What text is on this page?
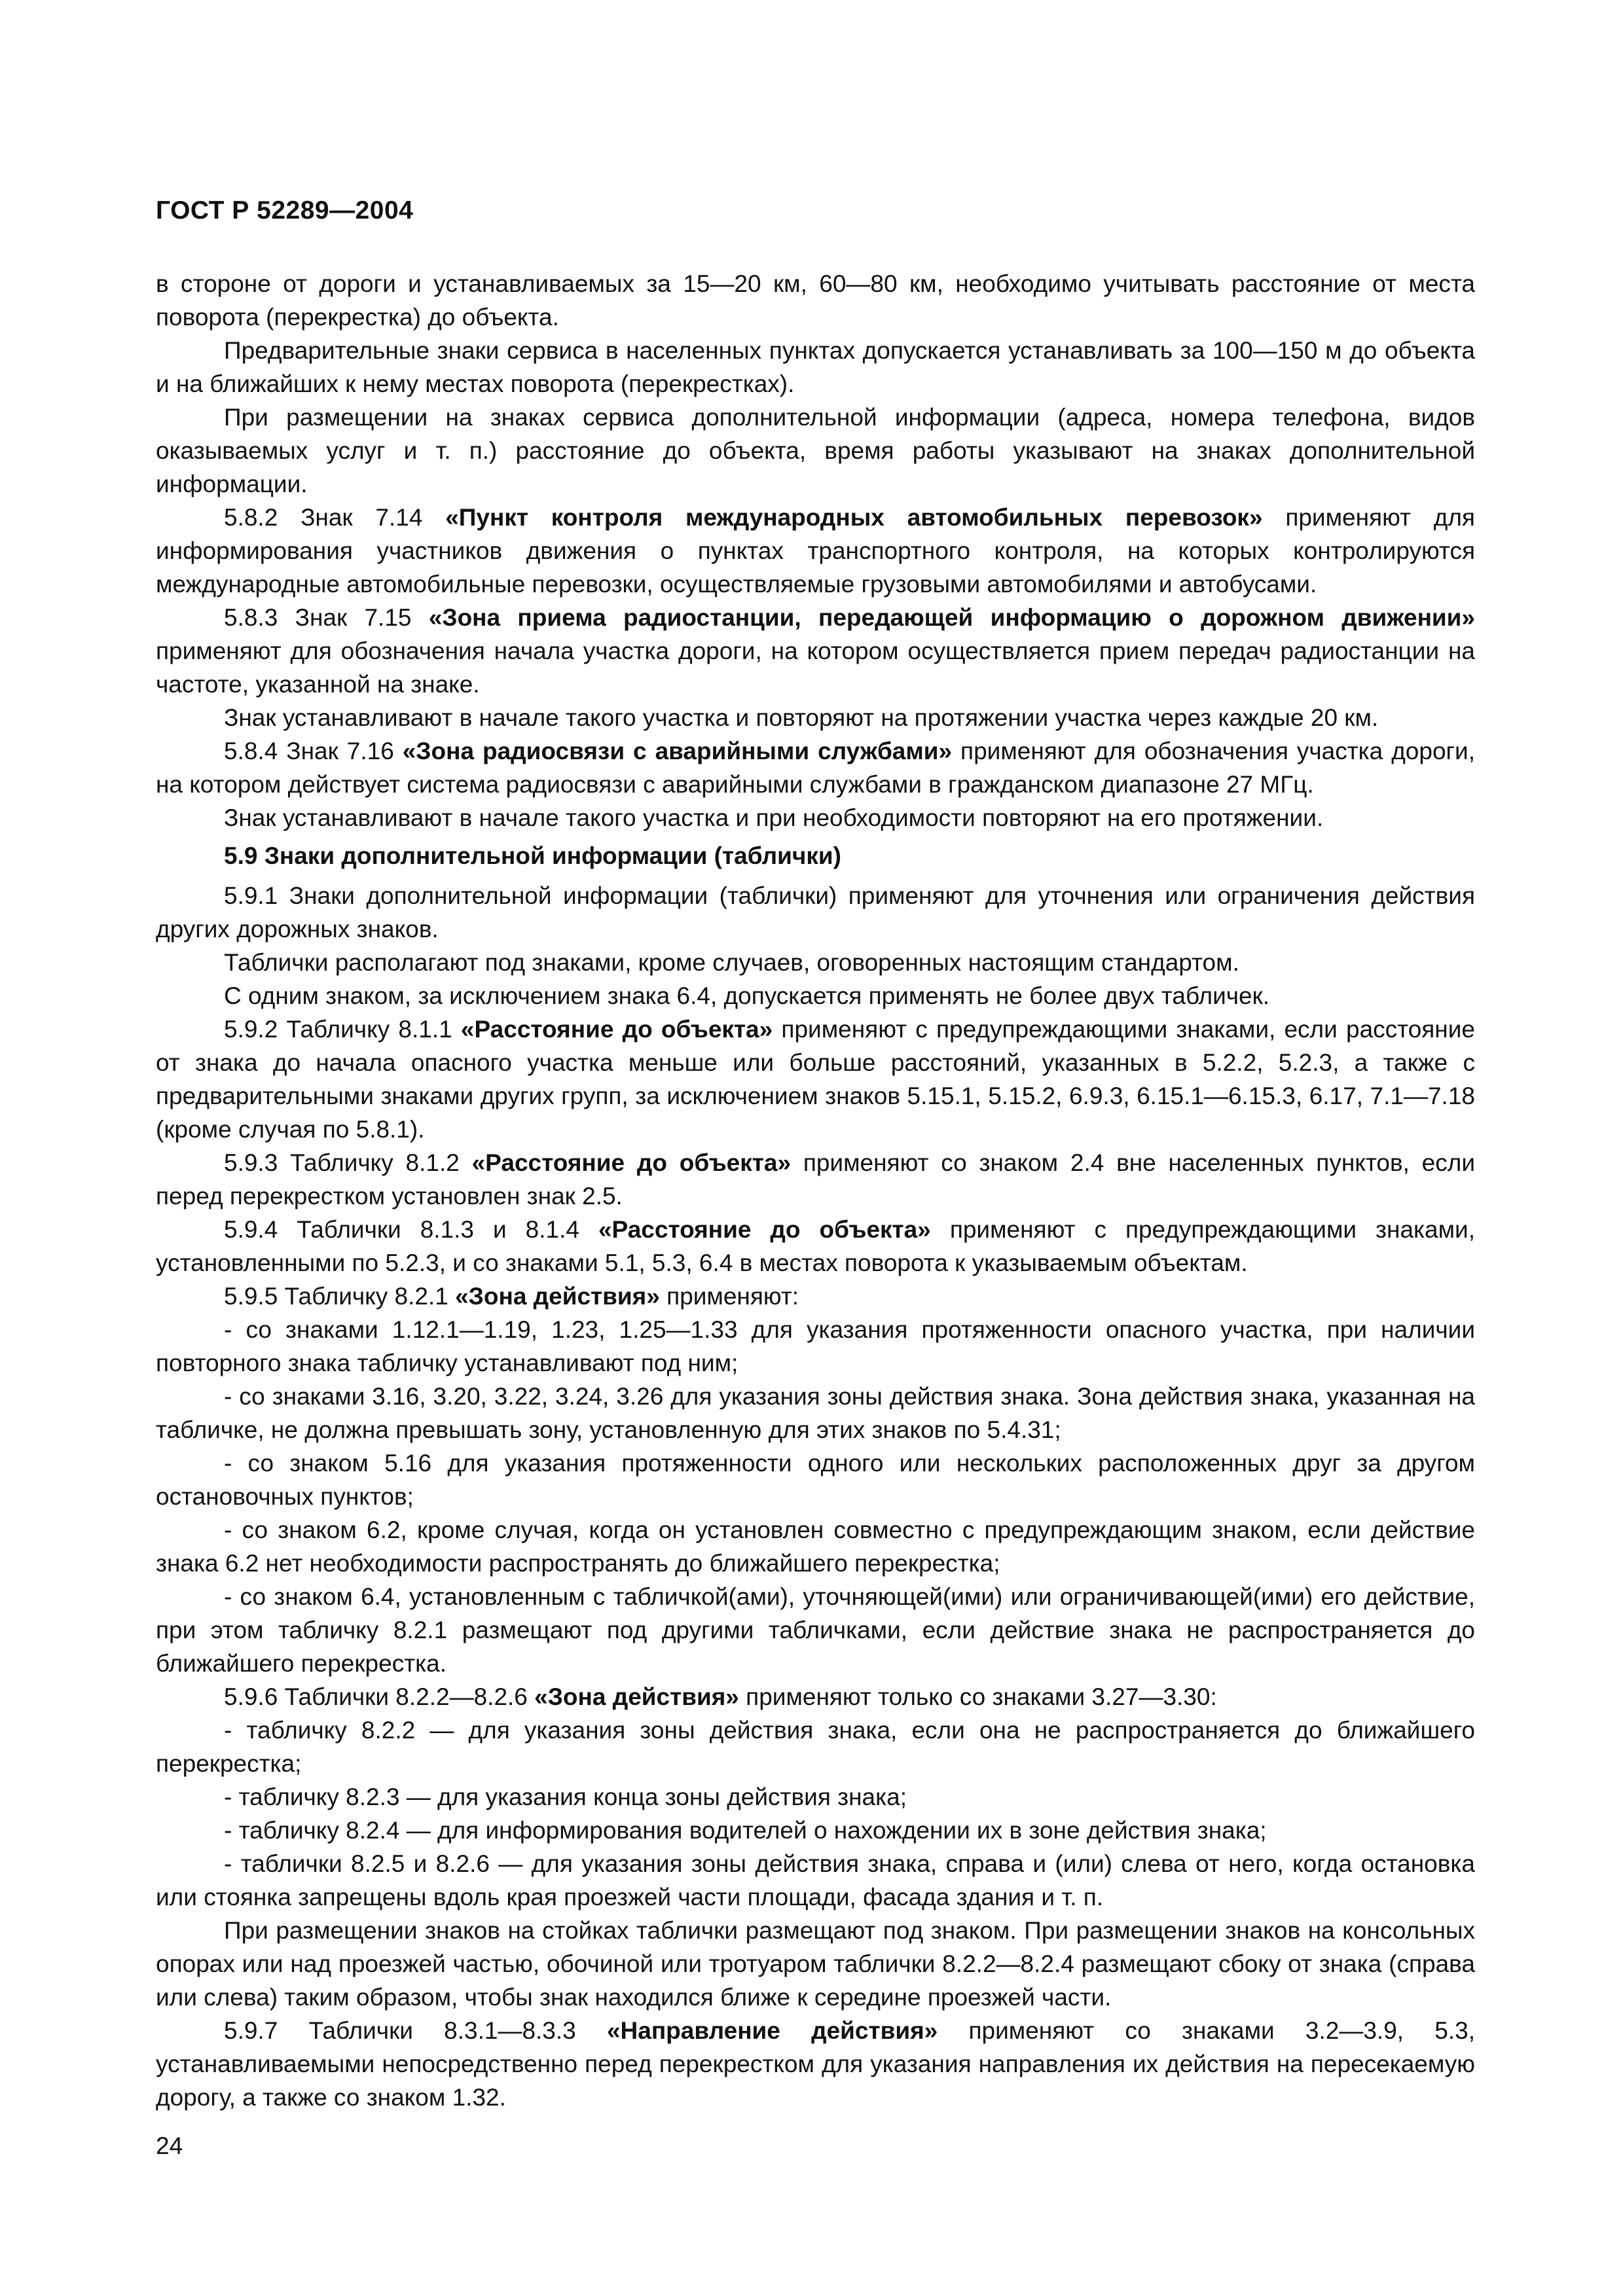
ГОСТ Р 52289—2004

в стороне от дороги и устанавливаемых за 15—20 км, 60—80 км, необходимо учитывать расстояние от места поворота (перекрестка) до объекта.

Предварительные знаки сервиса в населенных пунктах допускается устанавливать за 100—150 м до объекта и на ближайших к нему местах поворота (перекрестках).

При размещении на знаках сервиса дополнительной информации (адреса, номера телефона, видов оказываемых услуг и т. п.) расстояние до объекта, время работы указывают на знаках дополнительной информации.

5.8.2 Знак 7.14 «Пункт контроля международных автомобильных перевозок» применяют для информирования участников движения о пунктах транспортного контроля, на которых контролируются международные автомобильные перевозки, осуществляемые грузовыми автомобилями и автобусами.

5.8.3 Знак 7.15 «Зона приема радиостанции, передающей информацию о дорожном движении» применяют для обозначения начала участка дороги, на котором осуществляется прием передач радиостанции на частоте, указанной на знаке.

Знак устанавливают в начале такого участка и повторяют на протяжении участка через каждые 20 км.

5.8.4 Знак 7.16 «Зона радиосвязи с аварийными службами» применяют для обозначения участка дороги, на котором действует система радиосвязи с аварийными службами в гражданском диапазоне 27 МГц.

Знак устанавливают в начале такого участка и при необходимости повторяют на его протяжении.

5.9 Знаки дополнительной информации (таблички)

5.9.1 Знаки дополнительной информации (таблички) применяют для уточнения или ограничения действия других дорожных знаков.

Таблички располагают под знаками, кроме случаев, оговоренных настоящим стандартом.

С одним знаком, за исключением знака 6.4, допускается применять не более двух табличек.

5.9.2 Табличку 8.1.1 «Расстояние до объекта» применяют с предупреждающими знаками, если расстояние от знака до начала опасного участка меньше или больше расстояний, указанных в 5.2.2, 5.2.3, а также с предварительными знаками других групп, за исключением знаков 5.15.1, 5.15.2, 6.9.3, 6.15.1—6.15.3, 6.17, 7.1—7.18 (кроме случая по 5.8.1).

5.9.3 Табличку 8.1.2 «Расстояние до объекта» применяют со знаком 2.4 вне населенных пунктов, если перед перекрестком установлен знак 2.5.

5.9.4 Таблички 8.1.3 и 8.1.4 «Расстояние до объекта» применяют с предупреждающими знаками, установленными по 5.2.3, и со знаками 5.1, 5.3, 6.4 в местах поворота к указываемым объектам.

5.9.5 Табличку 8.2.1 «Зона действия» применяют:

- со знаками 1.12.1—1.19, 1.23, 1.25—1.33 для указания протяженности опасного участка, при наличии повторного знака табличку устанавливают под ним;

- со знаками 3.16, 3.20, 3.22, 3.24, 3.26 для указания зоны действия знака. Зона действия знака, указанная на табличке, не должна превышать зону, установленную для этих знаков по 5.4.31;

- со знаком 5.16 для указания протяженности одного или нескольких расположенных друг за другом остановочных пунктов;

- со знаком 6.2, кроме случая, когда он установлен совместно с предупреждающим знаком, если действие знака 6.2 нет необходимости распространять до ближайшего перекрестка;

- со знаком 6.4, установленным с табличкой(ами), уточняющей(ими) или ограничивающей(ими) его действие, при этом табличку 8.2.1 размещают под другими табличками, если действие знака не распространяется до ближайшего перекрестка.

5.9.6 Таблички 8.2.2—8.2.6 «Зона действия» применяют только со знаками 3.27—3.30:

- табличку 8.2.2 — для указания зоны действия знака, если она не распространяется до ближайшего перекрестка;

- табличку 8.2.3 — для указания конца зоны действия знака;

- табличку 8.2.4 — для информирования водителей о нахождении их в зоне действия знака;

- таблички 8.2.5 и 8.2.6 — для указания зоны действия знака, справа и (или) слева от него, когда остановка или стоянка запрещены вдоль края проезжей части площади, фасада здания и т. п.

При размещении знаков на стойках таблички размещают под знаком. При размещении знаков на консольных опорах или над проезжей частью, обочиной или тротуаром таблички 8.2.2—8.2.4 размещают сбоку от знака (справа или слева) таким образом, чтобы знак находился ближе к середине проезжей части.

5.9.7 Таблички 8.3.1—8.3.3 «Направление действия» применяют со знаками 3.2—3.9, 5.3, устанавливаемыми непосредственно перед перекрестком для указания направления их действия на пересекаемую дорогу, а также со знаком 1.32.

24
